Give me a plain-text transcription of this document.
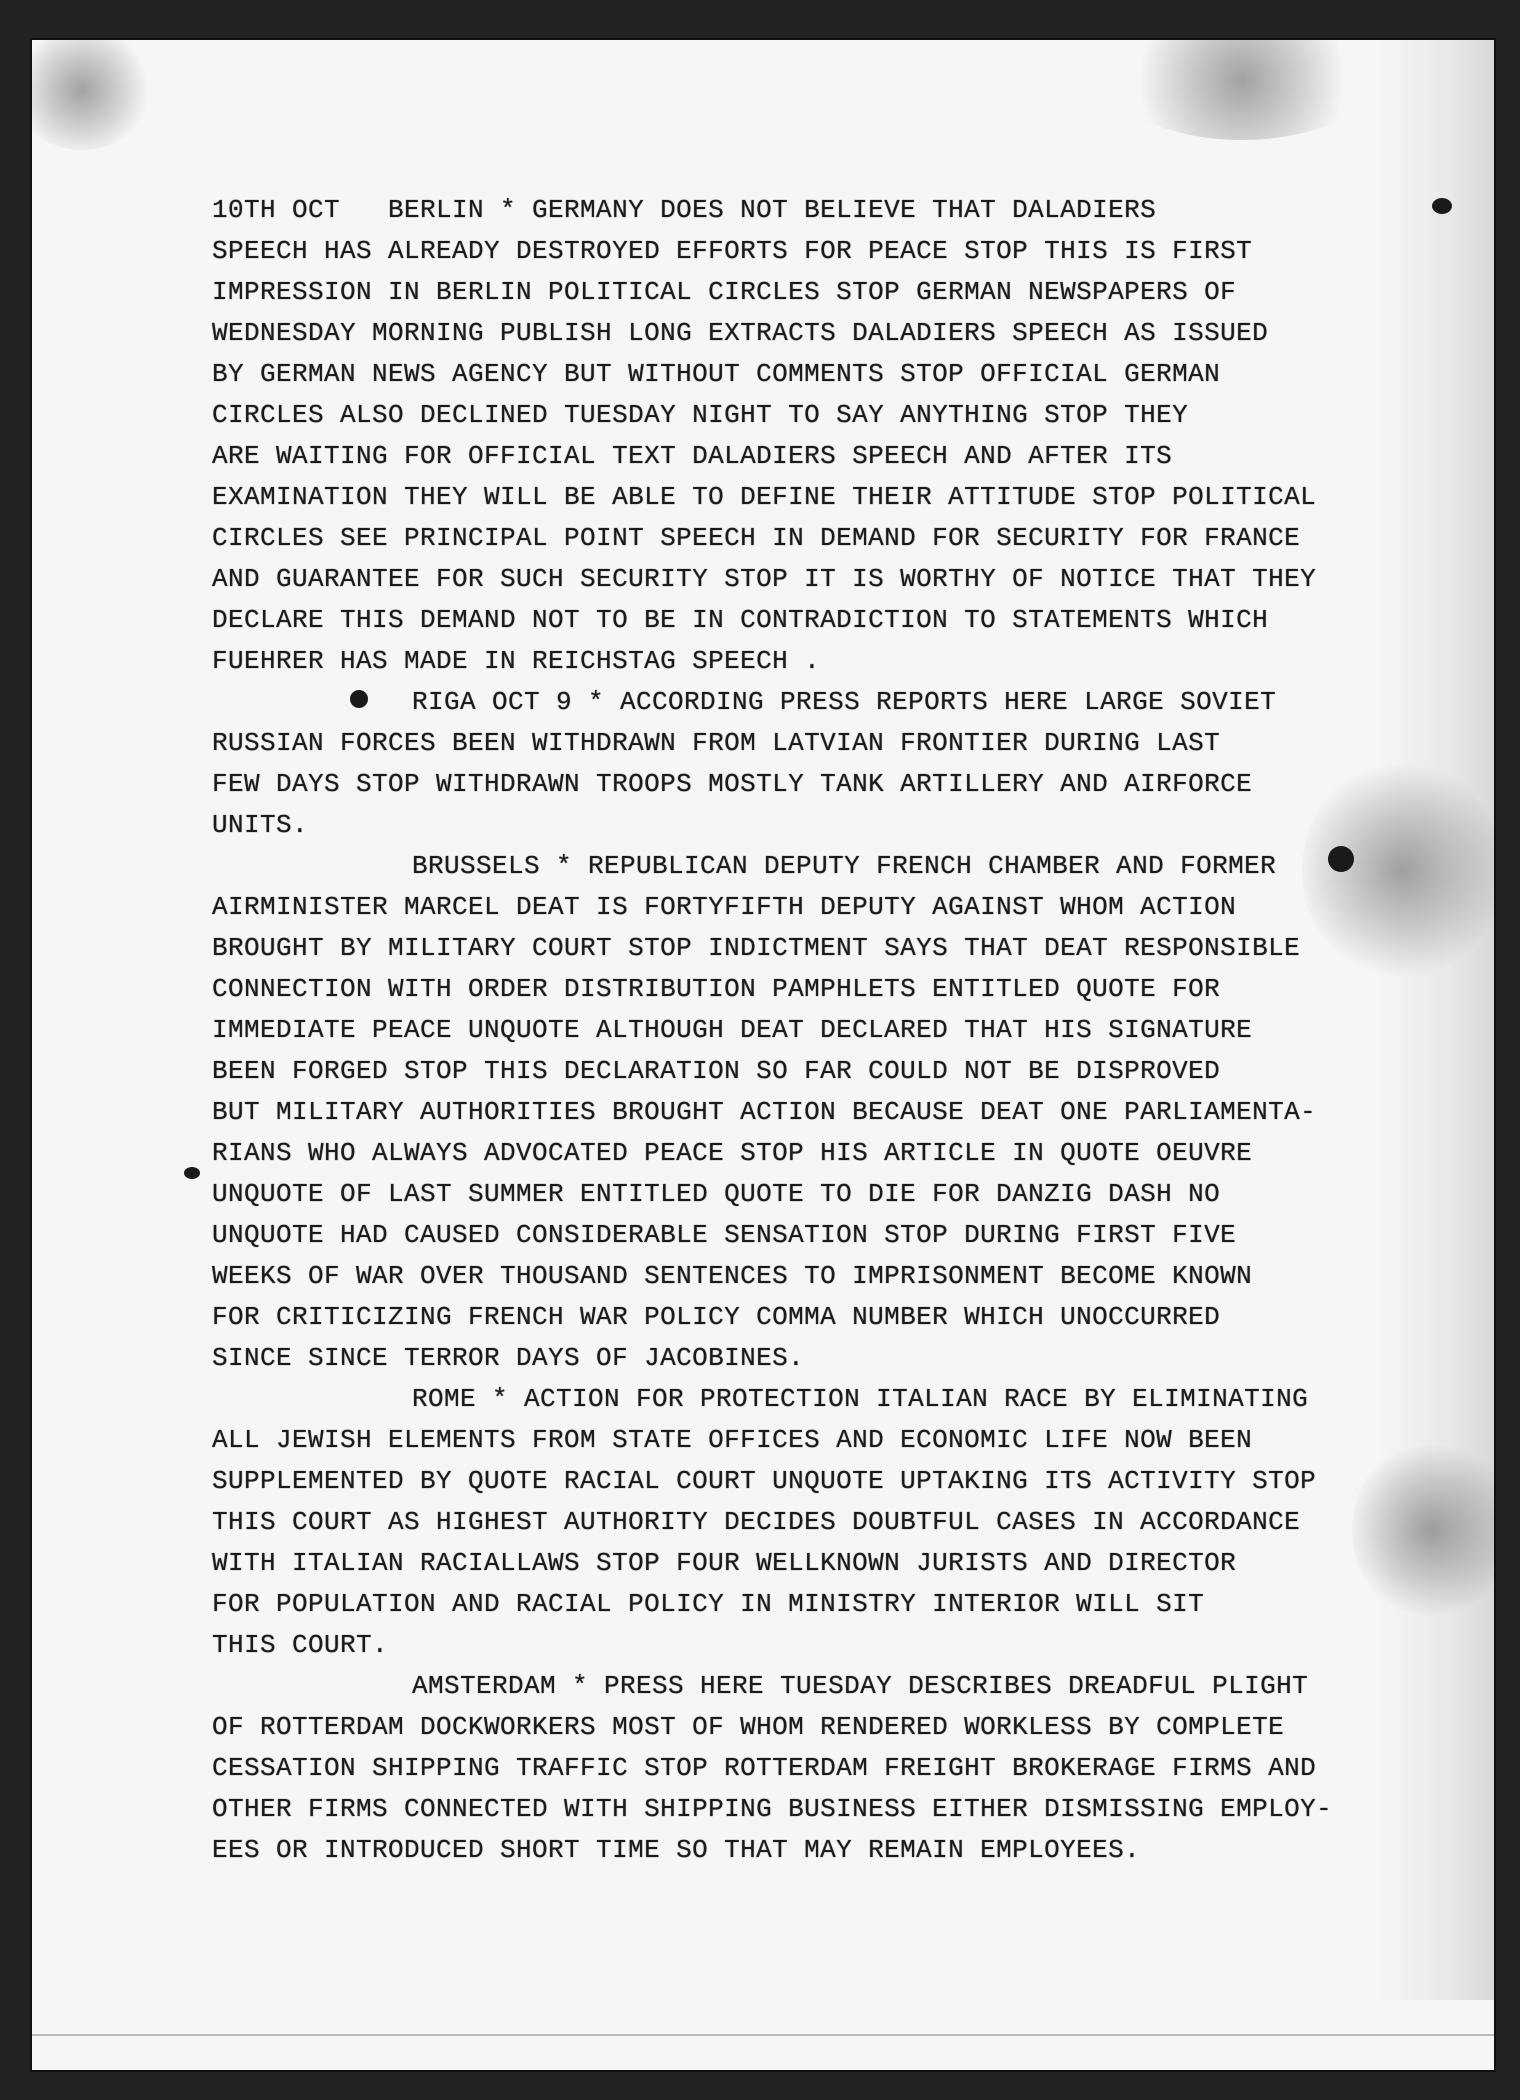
10TH OCT   BERLIN * GERMANY DOES NOT BELIEVE THAT DALADIERS
SPEECH HAS ALREADY DESTROYED EFFORTS FOR PEACE STOP THIS IS FIRST
IMPRESSION IN BERLIN POLITICAL CIRCLES STOP GERMAN NEWSPAPERS OF
WEDNESDAY MORNING PUBLISH LONG EXTRACTS DALADIERS SPEECH AS ISSUED
BY GERMAN NEWS AGENCY BUT WITHOUT COMMENTS STOP OFFICIAL GERMAN
CIRCLES ALSO DECLINED TUESDAY NIGHT TO SAY ANYTHING STOP THEY
ARE WAITING FOR OFFICIAL TEXT DALADIERS SPEECH AND AFTER ITS
EXAMINATION THEY WILL BE ABLE TO DEFINE THEIR ATTITUDE STOP POLITICAL
CIRCLES SEE PRINCIPAL POINT SPEECH IN DEMAND FOR SECURITY FOR FRANCE
AND GUARANTEE FOR SUCH SECURITY STOP IT IS WORTHY OF NOTICE THAT THEY
DECLARE THIS DEMAND NOT TO BE IN CONTRADICTION TO STATEMENTS WHICH
FUEHRER HAS MADE IN REICHSTAG SPEECH .
RIGA OCT 9 * ACCORDING PRESS REPORTS HERE LARGE SOVIET
RUSSIAN FORCES BEEN WITHDRAWN FROM LATVIAN FRONTIER DURING LAST
FEW DAYS STOP WITHDRAWN TROOPS MOSTLY TANK ARTILLERY AND AIRFORCE
UNITS.
BRUSSELS * REPUBLICAN DEPUTY FRENCH CHAMBER AND FORMER
AIRMINISTER MARCEL DEAT IS FORTYFIFTH DEPUTY AGAINST WHOM ACTION
BROUGHT BY MILITARY COURT STOP INDICTMENT SAYS THAT DEAT RESPONSIBLE
CONNECTION WITH ORDER DISTRIBUTION PAMPHLETS ENTITLED QUOTE FOR
IMMEDIATE PEACE UNQUOTE ALTHOUGH DEAT DECLARED THAT HIS SIGNATURE
BEEN FORGED STOP THIS DECLARATION SO FAR COULD NOT BE DISPROVED
BUT MILITARY AUTHORITIES BROUGHT ACTION BECAUSE DEAT ONE PARLIAMENTA-
RIANS WHO ALWAYS ADVOCATED PEACE STOP HIS ARTICLE IN QUOTE OEUVRE
UNQUOTE OF LAST SUMMER ENTITLED QUOTE TO DIE FOR DANZIG DASH NO
UNQUOTE HAD CAUSED CONSIDERABLE SENSATION STOP DURING FIRST FIVE
WEEKS OF WAR OVER THOUSAND SENTENCES TO IMPRISONMENT BECOME KNOWN
FOR CRITICIZING FRENCH WAR POLICY COMMA NUMBER WHICH UNOCCURRED
SINCE SINCE TERROR DAYS OF JACOBINES.
ROME * ACTION FOR PROTECTION ITALIAN RACE BY ELIMINATING
ALL JEWISH ELEMENTS FROM STATE OFFICES AND ECONOMIC LIFE NOW BEEN
SUPPLEMENTED BY QUOTE RACIAL COURT UNQUOTE UPTAKING ITS ACTIVITY STOP
THIS COURT AS HIGHEST AUTHORITY DECIDES DOUBTFUL CASES IN ACCORDANCE
WITH ITALIAN RACIALLAWS STOP FOUR WELLKNOWN JURISTS AND DIRECTOR
FOR POPULATION AND RACIAL POLICY IN MINISTRY INTERIOR WILL SIT
THIS COURT.
AMSTERDAM * PRESS HERE TUESDAY DESCRIBES DREADFUL PLIGHT
OF ROTTERDAM DOCKWORKERS MOST OF WHOM RENDERED WORKLESS BY COMPLETE
CESSATION SHIPPING TRAFFIC STOP ROTTERDAM FREIGHT BROKERAGE FIRMS AND
OTHER FIRMS CONNECTED WITH SHIPPING BUSINESS EITHER DISMISSING EMPLOY-
EES OR INTRODUCED SHORT TIME SO THAT MAY REMAIN EMPLOYEES.
